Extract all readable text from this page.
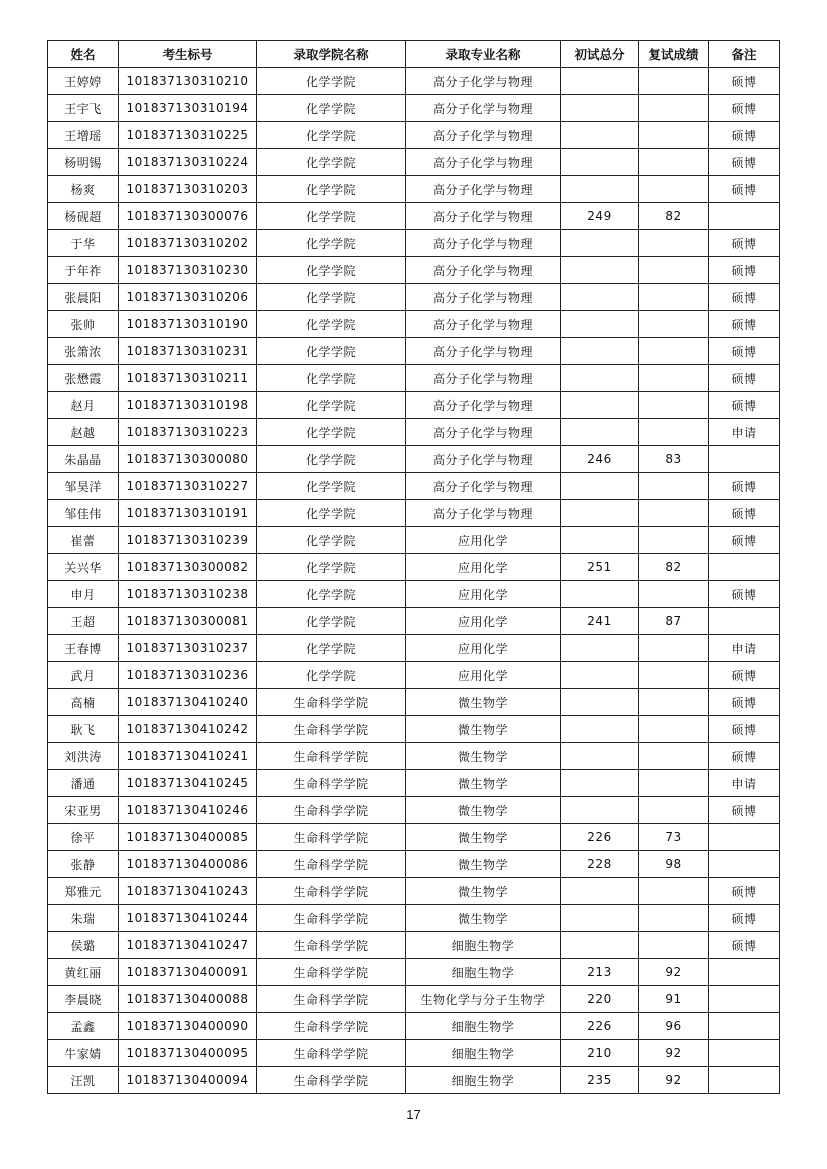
姓名	考生标号	录取学院名称	录取专业名称	初试总分	复试成绩	备注
王婷婷	101837130310210	化学学院	高分子化学与物理			硕博
王宇飞	101837130310194	化学学院	高分子化学与物理			硕博
王增瑶	101837130310225	化学学院	高分子化学与物理			硕博
杨明锡	101837130310224	化学学院	高分子化学与物理			硕博
杨爽	101837130310203	化学学院	高分子化学与物理			硕博
杨砚超	101837130300076	化学学院	高分子化学与物理	249	82	
于华	101837130310202	化学学院	高分子化学与物理			硕博
于年祚	101837130310230	化学学院	高分子化学与物理			硕博
张晨阳	101837130310206	化学学院	高分子化学与物理			硕博
张帅	101837130310190	化学学院	高分子化学与物理			硕博
张箫浓	101837130310231	化学学院	高分子化学与物理			硕博
张懋霞	101837130310211	化学学院	高分子化学与物理			硕博
赵月	101837130310198	化学学院	高分子化学与物理			硕博
赵越	101837130310223	化学学院	高分子化学与物理			申请
朱晶晶	101837130300080	化学学院	高分子化学与物理	246	83	
邹昊洋	101837130310227	化学学院	高分子化学与物理			硕博
邹佳伟	101837130310191	化学学院	高分子化学与物理			硕博
崔蕾	101837130310239	化学学院	应用化学			硕博
关兴华	101837130300082	化学学院	应用化学	251	82	
申月	101837130310238	化学学院	应用化学			硕博
王超	101837130300081	化学学院	应用化学	241	87	
王春博	101837130310237	化学学院	应用化学			申请
武月	101837130310236	化学学院	应用化学			硕博
高楠	101837130410240	生命科学学院	微生物学			硕博
耿飞	101837130410242	生命科学学院	微生物学			硕博
刘洪涛	101837130410241	生命科学学院	微生物学			硕博
潘通	101837130410245	生命科学学院	微生物学			申请
宋亚男	101837130410246	生命科学学院	微生物学			硕博
徐平	101837130400085	生命科学学院	微生物学	226	73	
张静	101837130400086	生命科学学院	微生物学	228	98	
郑雅元	101837130410243	生命科学学院	微生物学			硕博
朱瑞	101837130410244	生命科学学院	微生物学			硕博
侯璐	101837130410247	生命科学学院	细胞生物学			硕博
黄红丽	101837130400091	生命科学学院	细胞生物学	213	92	
李晨晓	101837130400088	生命科学学院	生物化学与分子生物学	220	91	
孟鑫	101837130400090	生命科学学院	细胞生物学	226	96	
牛家婧	101837130400095	生命科学学院	细胞生物学	210	92	
汪凯	101837130400094	生命科学学院	细胞生物学	235	92	
17
